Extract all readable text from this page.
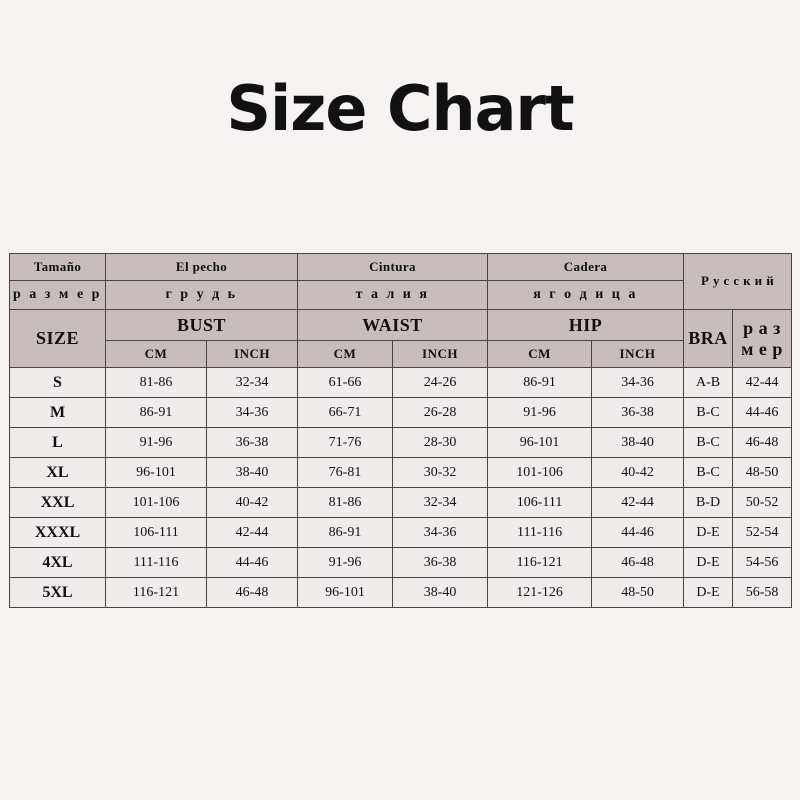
Size Chart
Tamaño	El pecho		Cintura		Cadera		Р у с с к и й	
р а з м е р	г р у д ь		т а л и я		я г о д и ц а			
SIZE	BUST		WAIST		HIP		BRA	р а з м е р
	CM	INCH	CM	INCH	CM	INCH		
S	81-86	32-34	61-66	24-26	86-91	34-36	A-B	42-44
M	86-91	34-36	66-71	26-28	91-96	36-38	B-C	44-46
L	91-96	36-38	71-76	28-30	96-101	38-40	B-C	46-48
XL	96-101	38-40	76-81	30-32	101-106	40-42	B-C	48-50
XXL	101-106	40-42	81-86	32-34	106-111	42-44	B-D	50-52
XXXL	106-111	42-44	86-91	34-36	111-116	44-46	D-E	52-54
4XL	111-116	44-46	91-96	36-38	116-121	46-48	D-E	54-56
5XL	116-121	46-48	96-101	38-40	121-126	48-50	D-E	56-58
